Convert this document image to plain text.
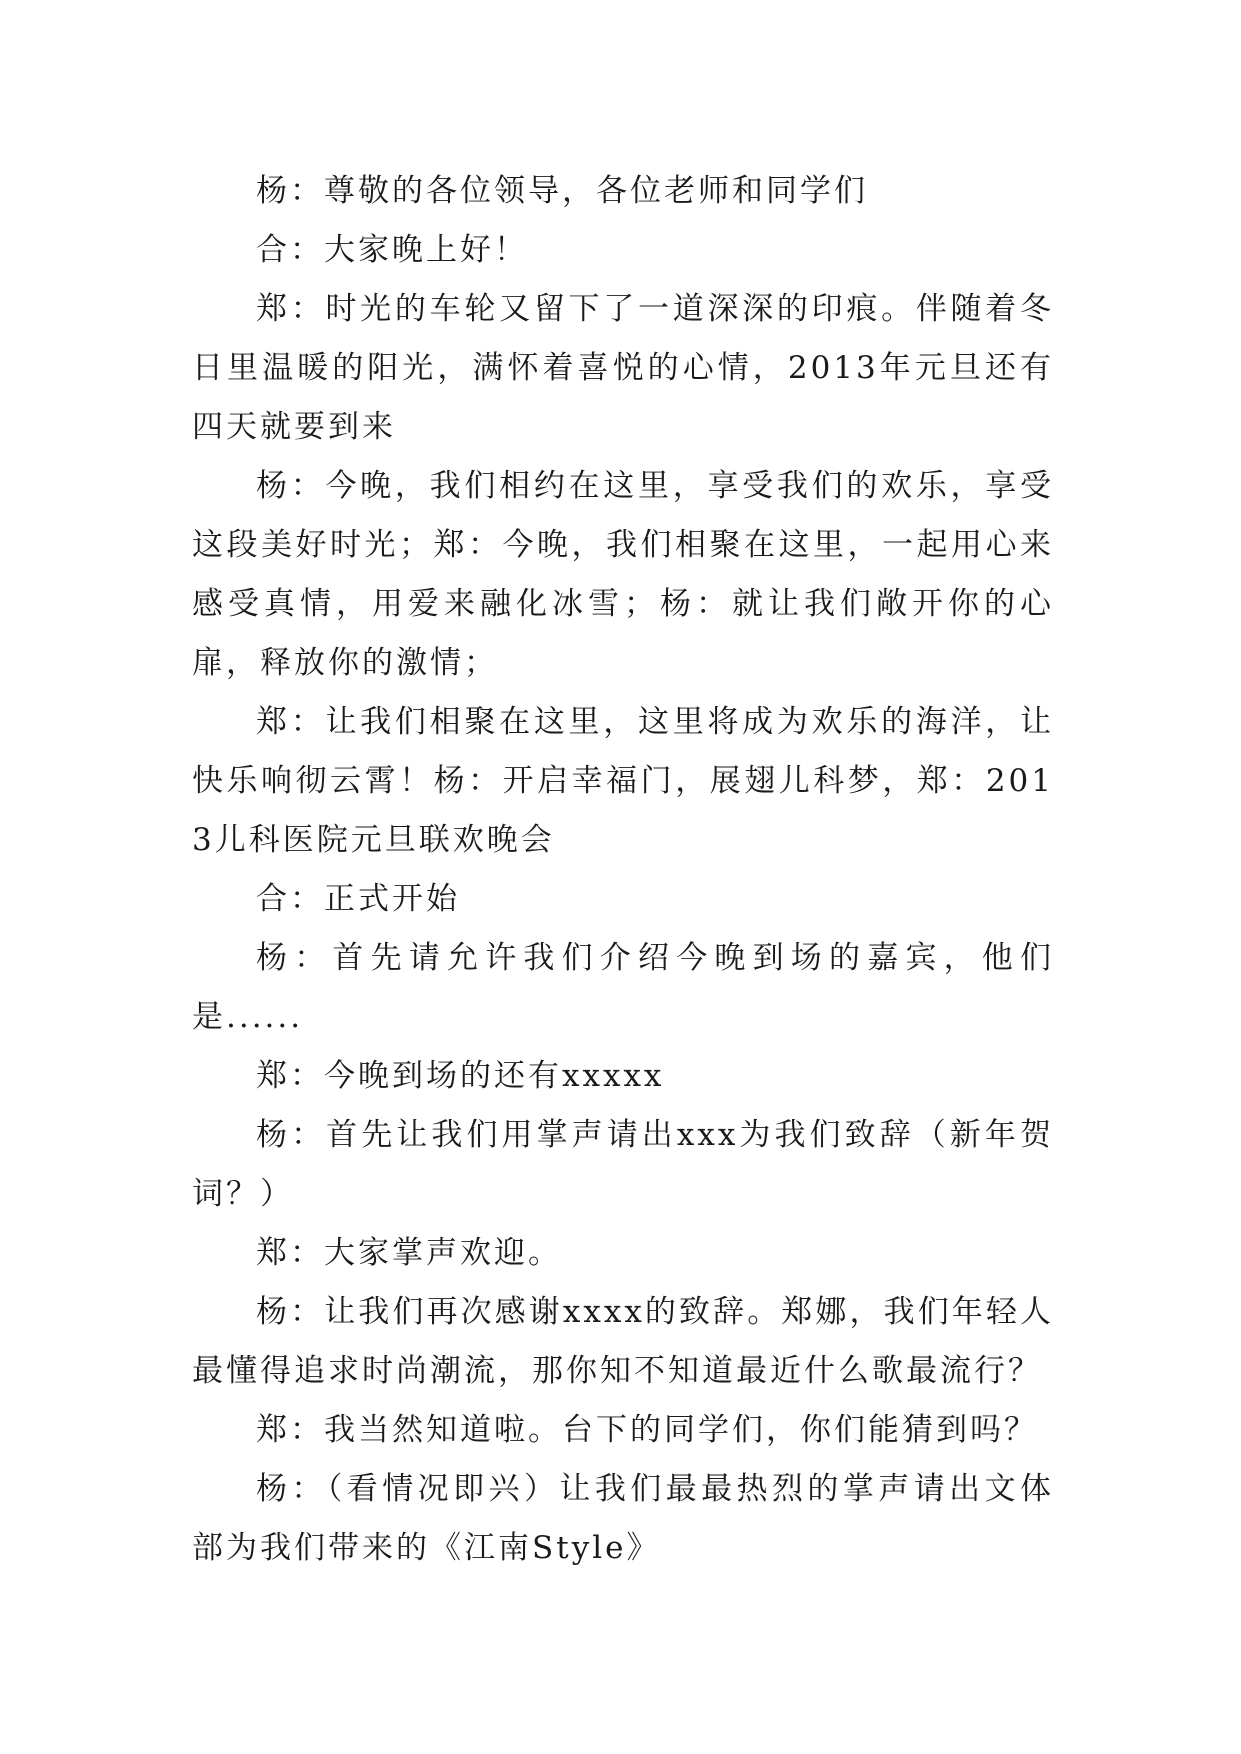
杨：尊敬的各位领导，各位老师和同学们

合：大家晚上好！

郑：时光的车轮又留下了一道深深的印痕。伴随着冬日里温暖的阳光，满怀着喜悦的心情，2013年元旦还有四天就要到来

杨：今晚，我们相约在这里，享受我们的欢乐，享受这段美好时光；郑：今晚，我们相聚在这里，一起用心来感受真情，用爱来融化冰雪；杨：就让我们敞开你的心扉，释放你的激情；

郑：让我们相聚在这里，这里将成为欢乐的海洋，让快乐响彻云霄！杨：开启幸福门，展翅儿科梦，郑：2013儿科医院元旦联欢晚会

合：正式开始

杨：首先请允许我们介绍今晚到场的嘉宾，他们是......

郑：今晚到场的还有xxxxx

杨：首先让我们用掌声请出xxx为我们致辞（新年贺词？）

郑：大家掌声欢迎。

杨：让我们再次感谢xxxx的致辞。郑娜，我们年轻人最懂得追求时尚潮流，那你知不知道最近什么歌最流行？

郑：我当然知道啦。台下的同学们，你们能猜到吗？

杨：（看情况即兴）让我们最最热烈的掌声请出文体部为我们带来的《江南Style》
